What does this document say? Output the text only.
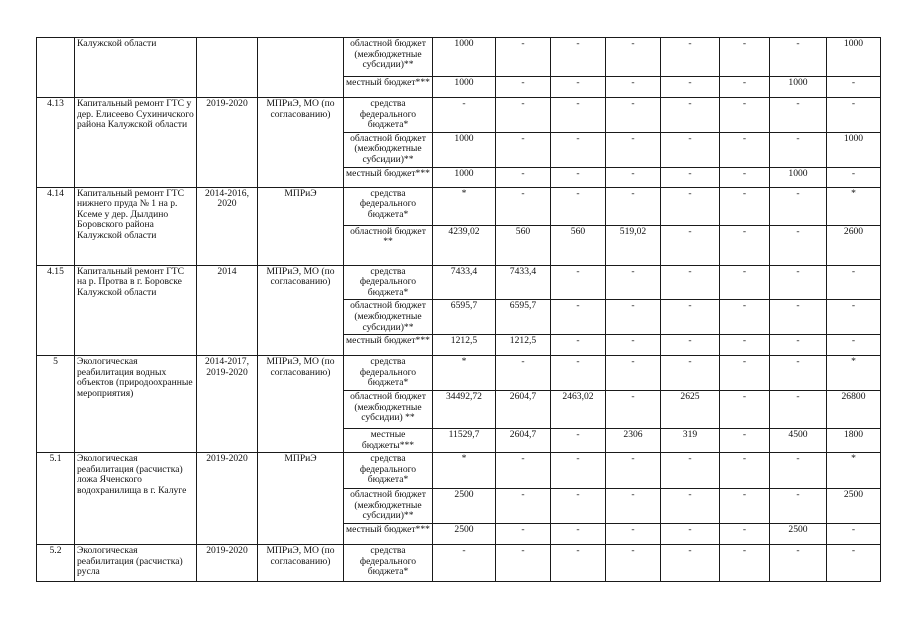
	Калужской области			областной бюджет (межбюджетные субсидии)**	1000	-	-	-	-	-	-	1000
				местный бюджет***	1000	-	-	-	-	-	1000	-
4.13	Капитальный ремонт ГТС у дер. Елисеево Сухиничского района Калужской области	2019-2020	МПРиЭ, МО (по согласованию)	средства федерального бюджета*	-	-	-	-	-	-	-	-
				областной бюджет (межбюджетные субсидии)**	1000	-	-	-	-	-	-	1000
				местный бюджет***	1000	-	-	-	-	-	1000	-
4.14	Капитальный ремонт ГТС нижнего пруда № 1 на р. Ксеме у дер. Дылдино Боровского района Калужской области	2014-2016, 2020	МПРиЭ	средства федерального бюджета*	*	-	-	-	-	-	-	*
				областной бюджет **	4239,02	560	560	519,02	-	-	-	2600
4.15	Капитальный ремонт ГТС на р. Протва в г. Боровске Калужской области	2014	МПРиЭ, МО (по согласованию)	средства федерального бюджета*	7433,4	7433,4	-	-	-	-	-	-
				областной бюджет (межбюджетные субсидии)**	6595,7	6595,7	-	-	-	-	-	-
				местный бюджет***	1212,5	1212,5	-	-	-	-	-	-
5	Экологическая реабилитация водных объектов (природоохранные мероприятия)	2014-2017, 2019-2020	МПРиЭ, МО (по согласованию)	средства федерального бюджета*	*	-	-	-	-	-	-	*
				областной бюджет (межбюджетные субсидии) **	34492,72	2604,7	2463,02	-	2625	-	-	26800
				местные бюджеты***	11529,7	2604,7	-	2306	319	-	4500	1800
5.1	Экологическая реабилитация (расчистка) ложа Яченского водохранилища в г. Калуге	2019-2020	МПРиЭ	средства федерального бюджета*	*	-	-	-	-	-	-	*
				областной бюджет (межбюджетные субсидии)**	2500	-	-	-	-	-	-	2500
				местный бюджет***	2500	-	-	-	-	-	2500	-
5.2	Экологическая реабилитация (расчистка) русла	2019-2020	МПРиЭ, МО (по согласованию)	средства федерального бюджета*	-	-	-	-	-	-	-	-
